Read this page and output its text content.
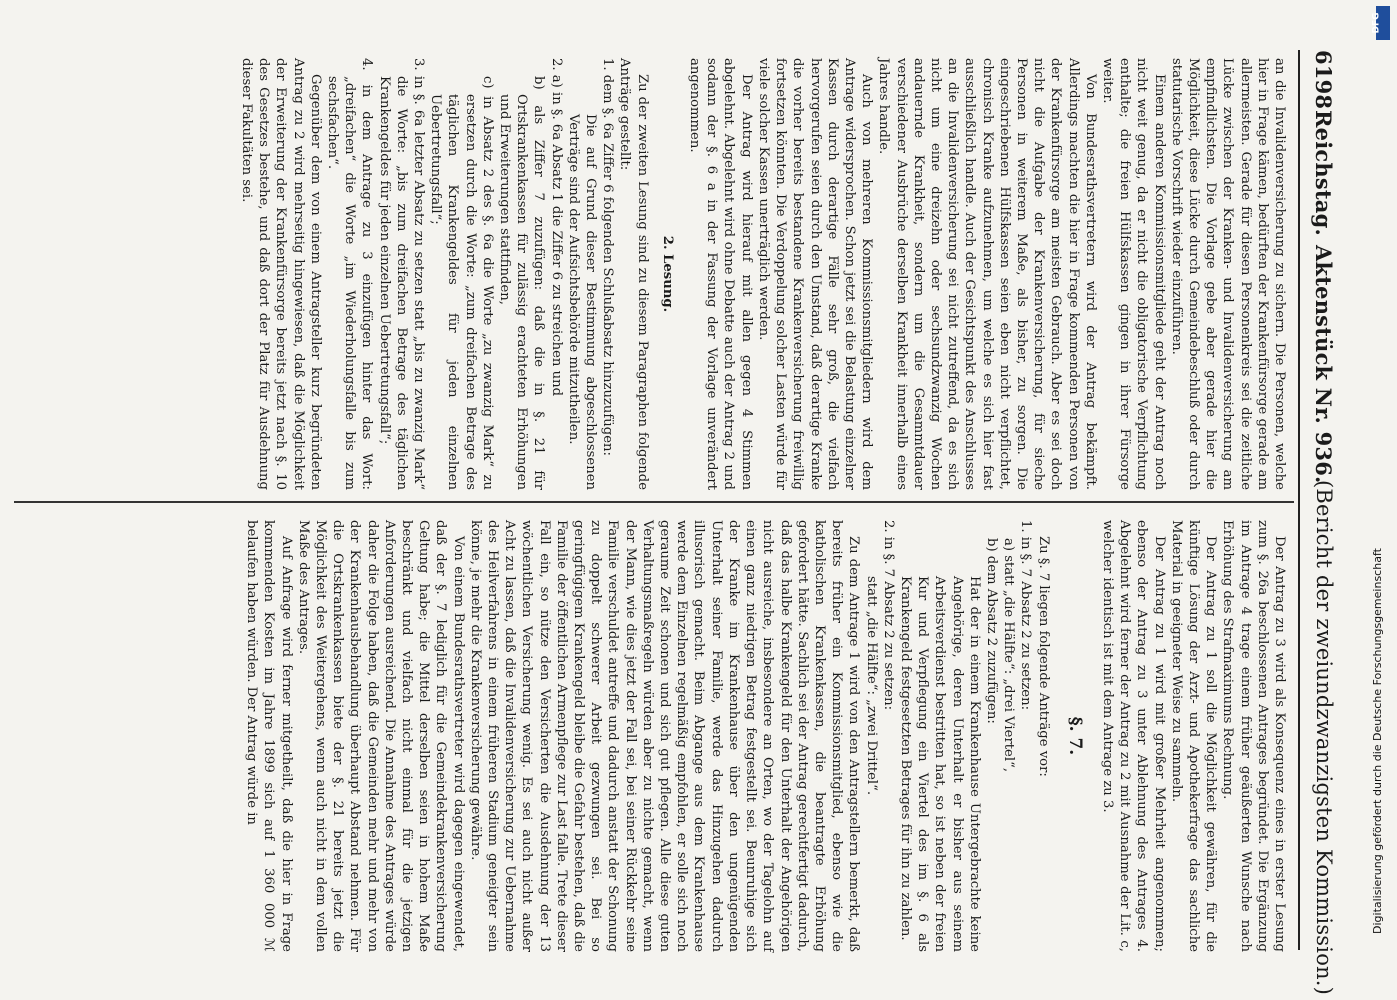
6198
Reichstag.
Aktenstück Nr. 936.
(Bericht der zweiundzwanzigsten Kommission.)

an die Invalidenversicherung zu sichern. Die Personen, welche hier in Frage kämen, bedürften der Krankenfürsorge gerade am allermeisten. Gerade für diesen Personenkreis sei die zeitliche Lücke zwischen der Kranken- und Invalidenversicherung am empfindlichsten. Die Vorlage gebe aber gerade hier die Möglichkeit, diese Lücke durch Gemeindebeschluß oder durch statutarische Vorschrift wieder einzuführen.

Einem anderen Kommissionsmitgliede geht der Antrag noch nicht weit genug, da er nicht die obligatorische Verpflichtung enthalte; die freien Hülfskassen gingen in ihrer Fürsorge weiter.

Von Bundesrathsvertretern wird der Antrag bekämpft. Allerdings machten die hier in Frage kommenden Personen von der Krankenfürsorge am meisten Gebrauch. Aber es sei doch nicht die Aufgabe der Krankenversicherung, für sieche Personen in weiterem Maße, als bisher, zu sorgen. Die eingeschriebenen Hülfskassen seien eben nicht verpflichtet, chronisch Kranke aufzunehmen, um welche es sich hier fast ausschließlich handle. Auch der Gesichtspunkt des Anschlusses an die Invalidenversicherung sei nicht zutreffend, da es sich nicht um eine dreizehn oder sechsundzwanzig Wochen andauernde Krankheit, sondern um die Gesammtdauer verschiedener Ausbrüche derselben Krankheit innerhalb eines Jahres handle.

Auch von mehreren Kommissionsmitgliedern wird dem Antrage widersprochen. Schon jetzt sei die Belastung einzelner Kassen durch derartige Fälle sehr groß, die vielfach hervorgerufen seien durch den Umstand, daß derartige Kranke die vorher bereits bestandene Krankenversicherung freiwillig fortsetzen könnten. Die Verdoppelung solcher Lasten würde für viele solcher Kassen unerträglich werden.

Der Antrag wird hierauf mit allen gegen 4 Stimmen abgelehnt. Abgelehnt wird ohne Debatte auch der Antrag 2 und sodann der §. 6 a in der Fassung der Vorlage unverändert angenommen.

2. Lesung.

Zu der zweiten Lesung sind zu diesem Paragraphen folgende Anträge gestellt:

1. dem §. 6a Ziffer 6 folgenden Schlußabsatz hinzuzufügen:

Die auf Grund dieser Bestimmung abgeschlossenen Verträge sind der Aufsichtsbehörde mitzutheilen.

2. a) in §. 6a Absatz 1 die Ziffer 6 zu streichen und

b) als Ziffer 7 zuzufügen: daß die in §. 21 für Ortskrankenkassen für zulässig erachteten Erhöhungen und Erweiterungen stattfinden,

c) in Absatz 2 des §. 6a die Worte „zu zwanzig Mark“ zu ersetzen durch die Worte: „zum dreifachen Betrage des täglichen Krankengeldes für jeden einzelnen Uebertretungsfall“;

3. in §. 6a letzter Absatz zu setzen statt „bis zu zwanzig Mark“ die Worte: „bis zum dreifachen Betrage des täglichen Krankengeldes für jeden einzelnen Uebertretungsfall“;

4. in dem Antrage zu 3 einzufügen hinter das Wort: „dreifachen“ die Worte „im Wiederholungsfalle bis zum sechsfachen“.

Gegenüber dem von einem Antragsteller kurz begründeten Antrag zu 2 wird mehrseitig hingewiesen, daß die Möglichkeit der Erweiterung der Krankenfürsorge bereits jetzt nach §. 10 des Gesetzes bestehe, und daß dort der Platz für Ausdehnung dieser Fakultäten sei.

Der Antrag zu 3 wird als Konsequenz eines in erster Lesung zum §. 26a beschlossenen Antrages begründet. Die Ergänzung im Antrage 4 trage einem früher geäußerten Wunsche nach Erhöhung des Strafmaximums Rechnung.

Der Antrag zu 1 soll die Möglichkeit gewähren, für die künftige Lösung der Arzt- und Apothekerfrage das sachliche Material in geeigneter Weise zu sammeln.

Der Antrag zu 1 wird mit großer Mehrheit angenommen; ebenso der Antrag zu 3 unter Ablehnung des Antrages 4. Abgelehnt wird ferner der Antrag zu 2 mit Ausnahme der Lit. c, welcher identisch ist mit dem Antrage zu 3.

§. 7.

Zu §. 7 liegen folgende Anträge vor:

1. in §. 7 Absatz 2 zu setzen:

a) statt „die Hälfte“: „drei Viertel“,

b) dem Absatz 2 zuzufügen:

Hat der in einem Krankenhause Untergebrachte keine Angehörige, deren Unterhalt er bisher aus seinem Arbeitsverdienst bestritten hat, so ist neben der freien Kur und Verpflegung ein Viertel des im §. 6 als Krankengeld festgesetzten Betrages für ihn zu zahlen.

2. in §. 7 Absatz 2 zu setzen:

statt „die Hälfte“: „zwei Drittel“.

Zu dem Antrage 1 wird von den Antragstellern bemerkt, daß bereits früher ein Kommissionsmitglied, ebenso wie die katholischen Krankenkassen, die beantragte Erhöhung gefordert hätte. Sachlich sei der Antrag gerechtfertigt dadurch, daß das halbe Krankengeld für den Unterhalt der Angehörigen nicht ausreiche, insbesondere an Orten, wo der Tagelohn auf einen ganz niedrigen Betrag festgestellt sei. Beunruhige sich der Kranke im Krankenhause über den ungenügenden Unterhalt seiner Familie, werde das Hinzugehen dadurch illusorisch gemacht. Beim Abgange aus dem Krankenhause werde dem Einzelnen regelmäßig empfohlen, er solle sich noch geraume Zeit schonen und sich gut pflegen. Alle diese guten Verhaltungsmaßregeln würden aber zu nichte gemacht, wenn der Mann, wie dies jetzt der Fall sei, bei seiner Rückkehr seine Familie verschuldet antreffe und dadurch anstatt der Schonung zu doppelt schwerer Arbeit gezwungen sei. Bei so geringfügigem Krankengeld bleibe die Gefahr bestehen, daß die Familie der öffentlichen Armenpflege zur Last falle. Trete dieser Fall ein, so nütze den Versicherten die Ausdehnung der 13 wöchentlichen Versicherung wenig. Es sei auch nicht außer Acht zu lassen, daß die Invalidenversicherung zur Uebernahme des Heilverfahrens in einem früheren Stadium geneigter sein könne, je mehr die Krankenversicherung gewähre.

Von einem Bundesrathsvertreter wird dagegen eingewendet, daß der §. 7 lediglich für die Gemeindekrankenversicherung Geltung habe; die Mittel derselben seien in hohem Maße beschränkt und vielfach nicht einmal für die jetzigen Anforderungen ausreichend. Die Annahme des Antrages würde daher die Folge haben, daß die Gemeinden mehr und mehr von der Krankenhausbehandlung überhaupt Abstand nehmen. Für die Ortskrankenkassen biete der §. 21 bereits jetzt die Möglichkeit des Weitergehens, wenn auch nicht in dem vollen Maße des Antrages.

Auf Anfrage wird ferner mitgetheilt, daß die hier in Frage kommenden Kosten im Jahre 1899 sich auf 1 360 000 ℳ belaufen haben würden. Der Antrag würde in	Digitalisierung gefördert durch die Deutsche Forschungsgemeinschaft
DFG
